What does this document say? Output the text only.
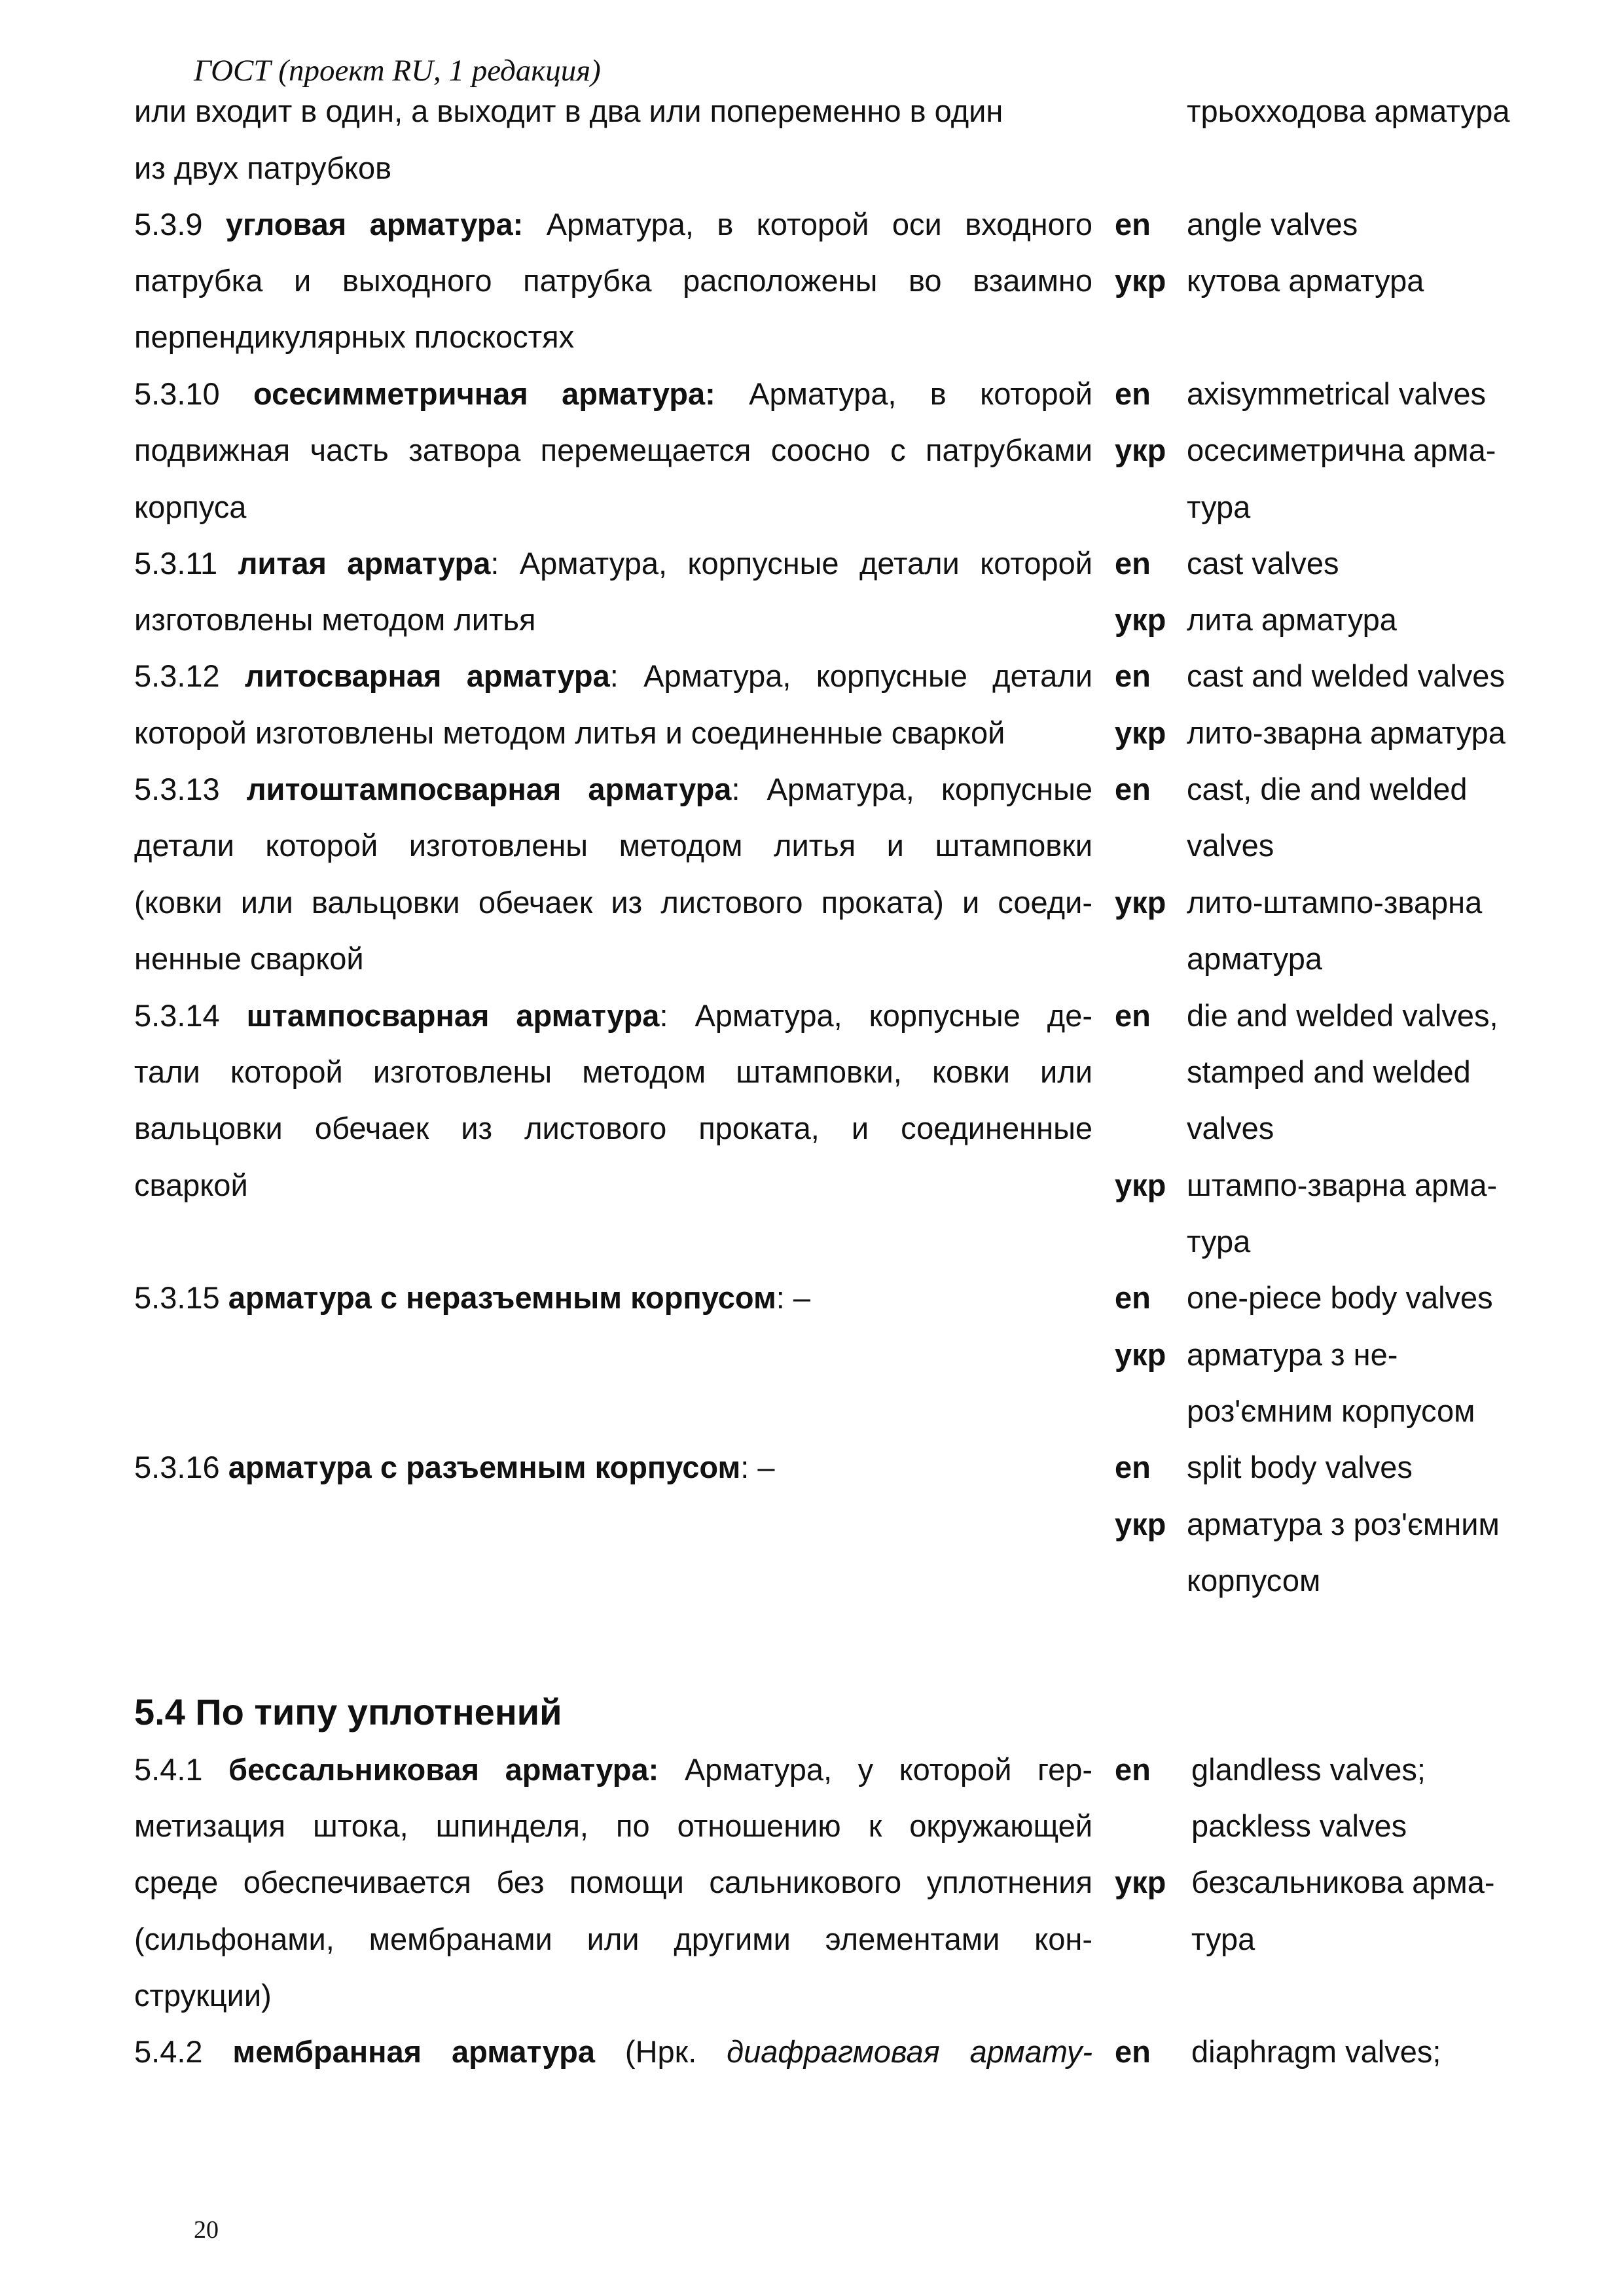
ГОСТ (проект RU, 1 редакция)
или входит в один, а выходит в два или попеременно в один
из двух патрубков
трьохходова арматура
5.3.9 угловая арматура: Арматура, в которой оси входного
патрубка и выходного патрубка расположены во взаимно
перпендикулярных плоскостях
en angle valves
укр кутова арматура
5.3.10 осесимметричная арматура: Арматура, в которой
подвижная часть затвора перемещается соосно с патрубками
корпуса
en axisymmetrical valves
укр осесиметрична арма-
тура
5.3.11 литая арматура: Арматура, корпусные детали которой
изготовлены методом литья
en cast valves
укр лита арматура
5.3.12 литосварная арматура: Арматура, корпусные детали
которой изготовлены методом литья и соединенные сваркой
en cast and welded valves
укр лито-зварна арматура
5.3.13 литоштампосварная арматура: Арматура, корпусные
детали которой изготовлены методом литья и штамповки
(ковки или вальцовки обечаек из листового проката) и соеди-
ненные сваркой
en cast, die and welded
valves
укр лито-штампо-зварна
арматура
5.3.14 штампосварная арматура: Арматура, корпусные де-
тали которой изготовлены методом штамповки, ковки или
вальцовки обечаек из листового проката, и соединенные
сваркой
en die and welded valves,
stamped and welded
valves
укр штампо-зварна арма-
тура
5.3.15 арматура с неразъемным корпусом: –	en one-piece body valves
укр арматура з не-
роз'ємним корпусом
5.3.16 арматура с разъемным корпусом: –	en split body valves
укр арматура з роз'ємним
корпусом
5.4 По типу уплотнений
5.4.1 бессальниковая арматура: Арматура, у которой гер-
метизация штока, шпинделя, по отношению к окружающей
среде обеспечивается без помощи сальникового уплотнения
(сильфонами, мембранами или другими элементами кон-
струкции)
en glandless valves;
packless valves
укр безсальникова арма-
тура
5.4.2 мембранная арматура (Нрк. диафрагмовая армату- en diaphragm valves;
20
